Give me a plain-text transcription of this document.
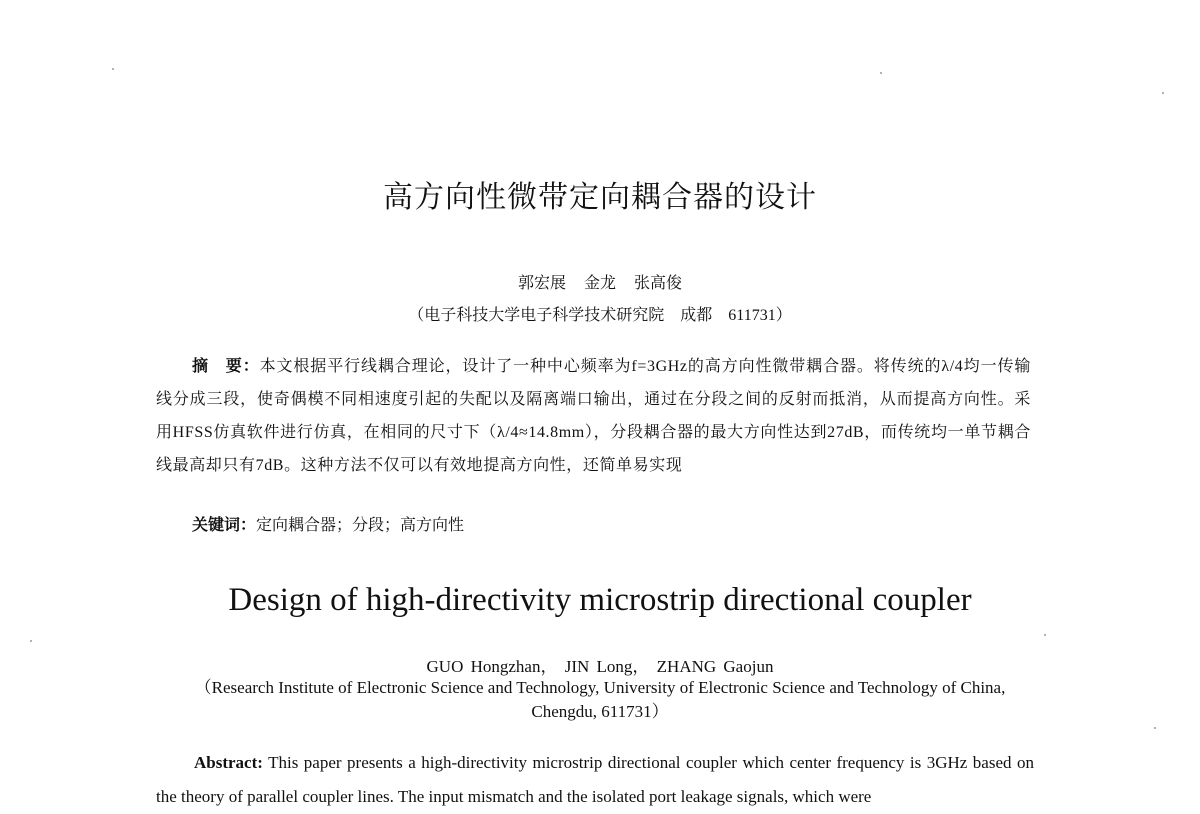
高方向性微带定向耦合器的设计
郭宏展 金龙 张高俊
（电子科技大学电子科学技术研究院　成都　611731）
摘　要：本文根据平行线耦合理论，设计了一种中心频率为f=3GHz的高方向性微带耦合器。将传统的λ/4均一传输线分成三段，使奇偶模不同相速度引起的失配以及隔离端口输出，通过在分段之间的反射而抵消，从而提高方向性。采用HFSS仿真软件进行仿真，在相同的尺寸下（λ/4≈14.8mm），分段耦合器的最大方向性达到27dB，而传统均一单节耦合线最高却只有7dB。这种方法不仅可以有效地提高方向性，还简单易实现
关键词：定向耦合器；分段；高方向性
Design of high-directivity microstrip directional coupler
GUO Hongzhan， JIN Long， ZHANG Gaojun
（Research Institute of Electronic Science and Technology, University of Electronic Science and Technology of China, Chengdu, 611731）
Abstract: This paper presents a high-directivity microstrip directional coupler which center frequency is 3GHz based on the theory of parallel coupler lines. The input mismatch and the isolated port leakage signals, which were
